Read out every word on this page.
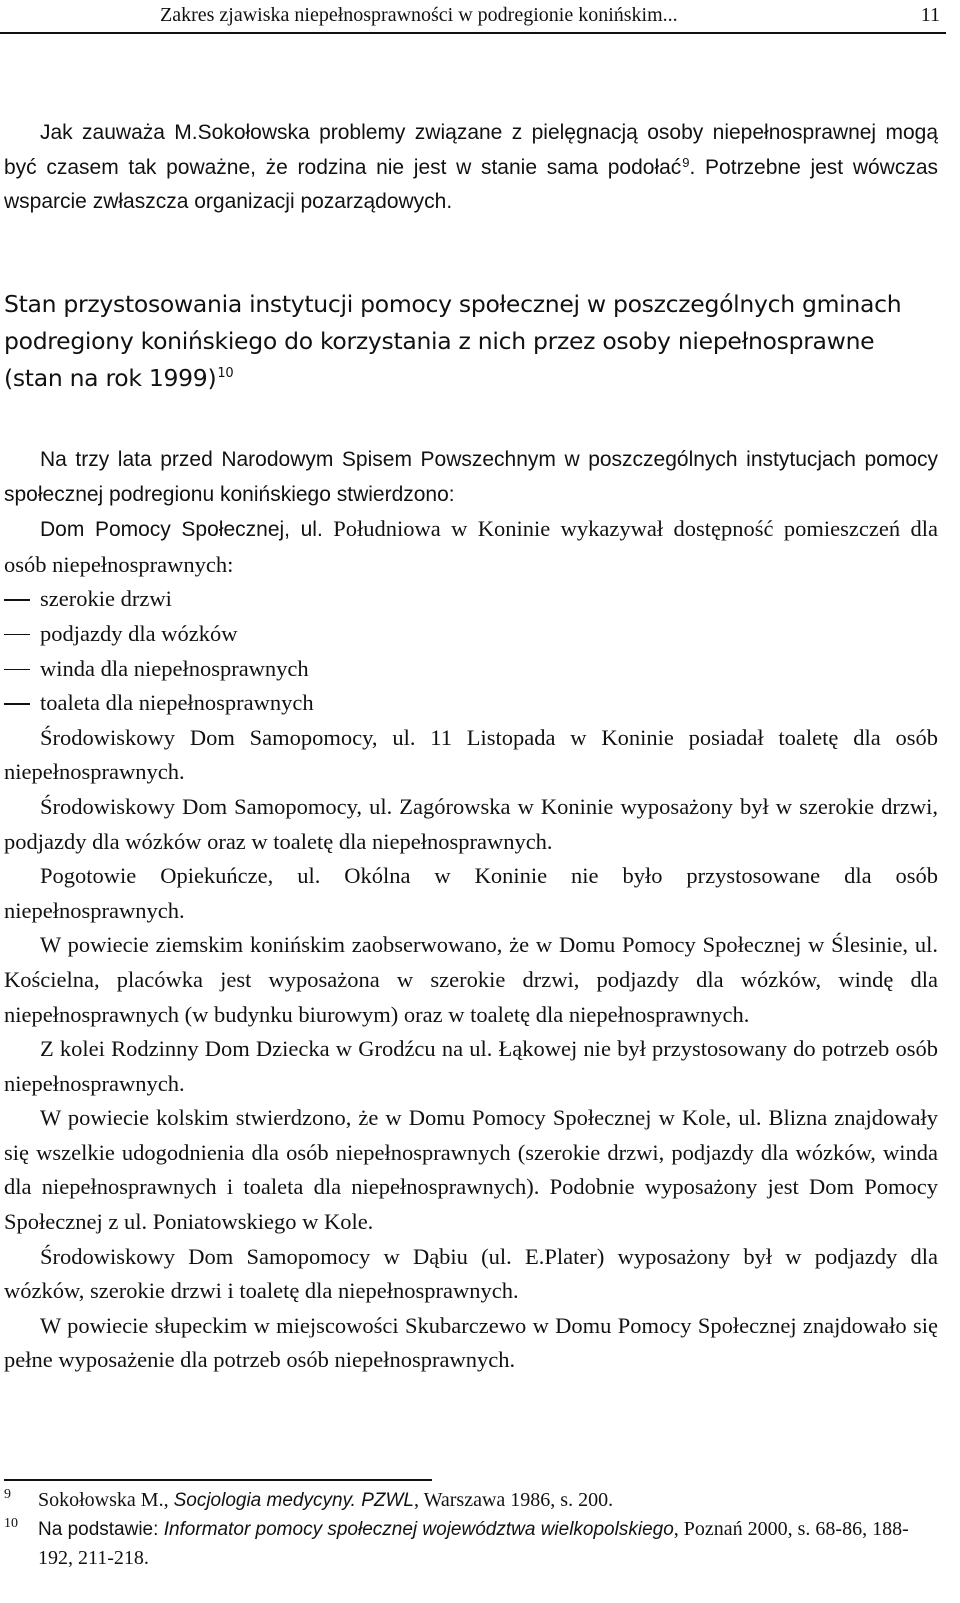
Zakres zjawiska niepełnosprawności w podregionie konińskim...	11

Jak zauważa M.Sokołowska problemy związane z pielęgnacją osoby niepełnosprawnej mogą być czasem tak poważne, że rodzina nie jest w stanie sama podołać$^9$. Potrzebne jest wówczas wsparcie zwłaszcza organizacji pozarządowych.

Stan przystosowania instytucji pomocy społecznej w poszczególnych gminach podregiony konińskiego do korzystania z nich przez osoby niepełnosprawne (stan na rok 1999)$^{10}$

Na trzy lata przed Narodowym Spisem Powszechnym w poszczególnych instytucjach pomocy społecznej podregionu konińskiego stwierdzono:

Dom Pomocy Społecznej, ul. Południowa w Koninie wykazywał dostępność pomieszczeń dla osób niepełnosprawnych:

szerokie drzwi
podjazdy dla wózków
winda dla niepełnosprawnych
toaleta dla niepełnosprawnych

Środowiskowy Dom Samopomocy, ul. 11 Listopada w Koninie posiadał toaletę dla osób niepełnosprawnych.

Środowiskowy Dom Samopomocy, ul. Zagórowska w Koninie wyposażony był w szerokie drzwi, podjazdy dla wózków oraz w toaletę dla niepełnosprawnych.

Pogotowie Opiekuńcze, ul. Okólna w Koninie nie było przystosowane dla osób niepełnosprawnych.

W powiecie ziemskim konińskim zaobserwowano, że w Domu Pomocy Społecznej w Ślesinie, ul. Kościelna, placówka jest wyposażona w szerokie drzwi, podjazdy dla wózków, windę dla niepełnosprawnych (w budynku biurowym) oraz w toaletę dla niepełnosprawnych.

Z kolei Rodzinny Dom Dziecka w Grodźcu na ul. Łąkowej nie był przystosowany do potrzeb osób niepełnosprawnych.

W powiecie kolskim stwierdzono, że w Domu Pomocy Społecznej w Kole, ul. Blizna znajdowały się wszelkie udogodnienia dla osób niepełnosprawnych (szerokie drzwi, podjazdy dla wózków, winda dla niepełnosprawnych i toaleta dla niepełnosprawnych). Podobnie wyposażony jest Dom Pomocy Społecznej z ul. Poniatowskiego w Kole.

Środowiskowy Dom Samopomocy w Dąbiu (ul. E.Plater) wyposażony był w podjazdy dla wózków, szerokie drzwi i toaletę dla niepełnosprawnych.

W powiecie słupeckim w miejscowości Skubarczewo w Domu Pomocy Społecznej znajdowało się pełne wyposażenie dla potrzeb osób niepełnosprawnych.

9 Sokołowska M., Socjologia medycyny. PZWL, Warszawa 1986, s. 200.
10 Na podstawie: Informator pomocy społecznej województwa wielkopolskiego, Poznań 2000, s. 68-86, 188-192, 211-218.
